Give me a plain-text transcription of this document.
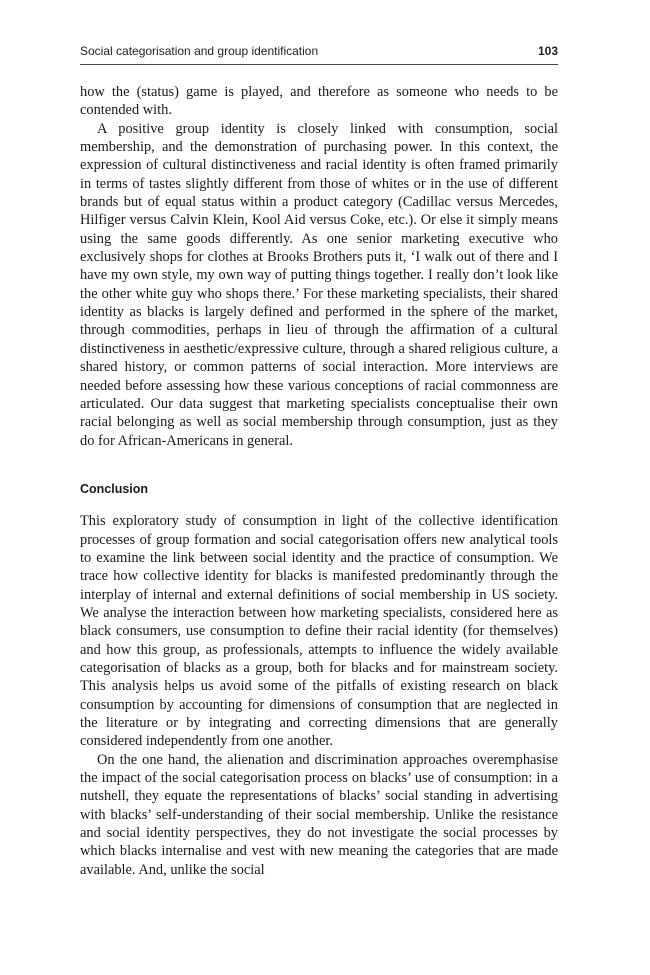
Social categorisation and group identification	103

how the (status) game is played, and therefore as someone who needs to be contended with.

A positive group identity is closely linked with consumption, social membership, and the demonstration of purchasing power. In this context, the expression of cultural distinctiveness and racial identity is often framed primarily in terms of tastes slightly different from those of whites or in the use of different brands but of equal status within a product category (Cadillac versus Mercedes, Hilfiger versus Calvin Klein, Kool Aid versus Coke, etc.). Or else it simply means using the same goods differently. As one senior marketing executive who exclusively shops for clothes at Brooks Brothers puts it, ‘I walk out of there and I have my own style, my own way of putting things together. I really don’t look like the other white guy who shops there.’ For these marketing specialists, their shared identity as blacks is largely defined and performed in the sphere of the market, through commodities, perhaps in lieu of through the affirmation of a cultural distinctiveness in aesthetic/​expressive culture, through a shared religious culture, a shared history, or common patterns of social interaction. More interviews are needed before assessing how these various conceptions of racial commonness are articulated. Our data suggest that marketing specialists conceptualise their own racial belonging as well as social membership through consumption, just as they do for African-Americans in general.

Conclusion

This exploratory study of consumption in light of the collective identification processes of group formation and social categorisation offers new analytical tools to examine the link between social identity and the practice of consumption. We trace how collective identity for blacks is manifested predominantly through the interplay of internal and external definitions of social membership in US society. We analyse the interaction between how marketing specialists, considered here as black consumers, use consumption to define their racial identity (for themselves) and how this group, as professionals, attempts to influence the widely available categorisation of blacks as a group, both for blacks and for mainstream society. This analysis helps us avoid some of the pitfalls of existing research on black consumption by accounting for dimensions of consumption that are neglected in the literature or by integrating and correcting dimensions that are generally considered independently from one another.

On the one hand, the alienation and discrimination approaches overemphasise the impact of the social categorisation process on blacks’ use of consumption: in a nutshell, they equate the representations of blacks’ social standing in advertising with blacks’ self-understanding of their social membership. Unlike the resistance and social identity perspectives, they do not investigate the social processes by which blacks internalise and vest with new meaning the categories that are made available. And, unlike the social
